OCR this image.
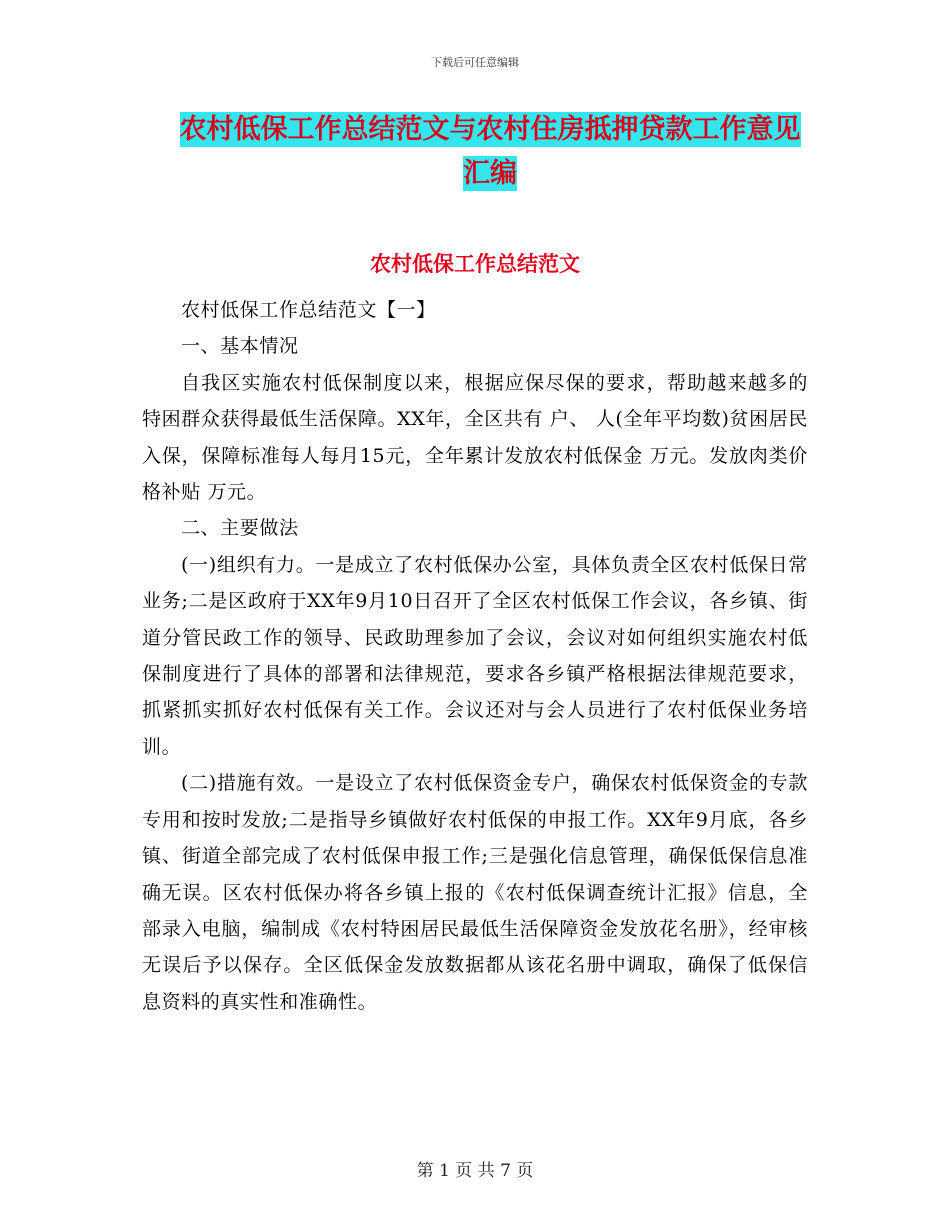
下载后可任意编辑
农村低保工作总结范文与农村住房抵押贷款工作意见
汇编
农村低保工作总结范文

农村低保工作总结范文【一】

一、基本情况

自我区实施农村低保制度以来，根据应保尽保的要求，帮助越来越多的特困群众获得最低生活保障。XX年，全区共有 户、 人(全年平均数)贫困居民入保，保障标准每人每月15元，全年累计发放农村低保金 万元。发放肉类价格补贴 万元。

二、主要做法

(一)组织有力。一是成立了农村低保办公室，具体负责全区农村低保日常业务;二是区政府于XX年9月10日召开了全区农村低保工作会议，各乡镇、街道分管民政工作的领导、民政助理参加了会议，会议对如何组织实施农村低保制度进行了具体的部署和法律规范，要求各乡镇严格根据法律规范要求，抓紧抓实抓好农村低保有关工作。会议还对与会人员进行了农村低保业务培训。

(二)措施有效。一是设立了农村低保资金专户，确保农村低保资金的专款专用和按时发放;二是指导乡镇做好农村低保的申报工作。XX年9月底，各乡镇、街道全部完成了农村低保申报工作;三是强化信息管理，确保低保信息准确无误。区农村低保办将各乡镇上报的《农村低保调查统计汇报》信息，全部录入电脑，编制成《农村特困居民最低生活保障资金发放花名册》，经审核无误后予以保存。全区低保金发放数据都从该花名册中调取，确保了低保信息资料的真实性和准确性。

第 1 页 共 7 页
